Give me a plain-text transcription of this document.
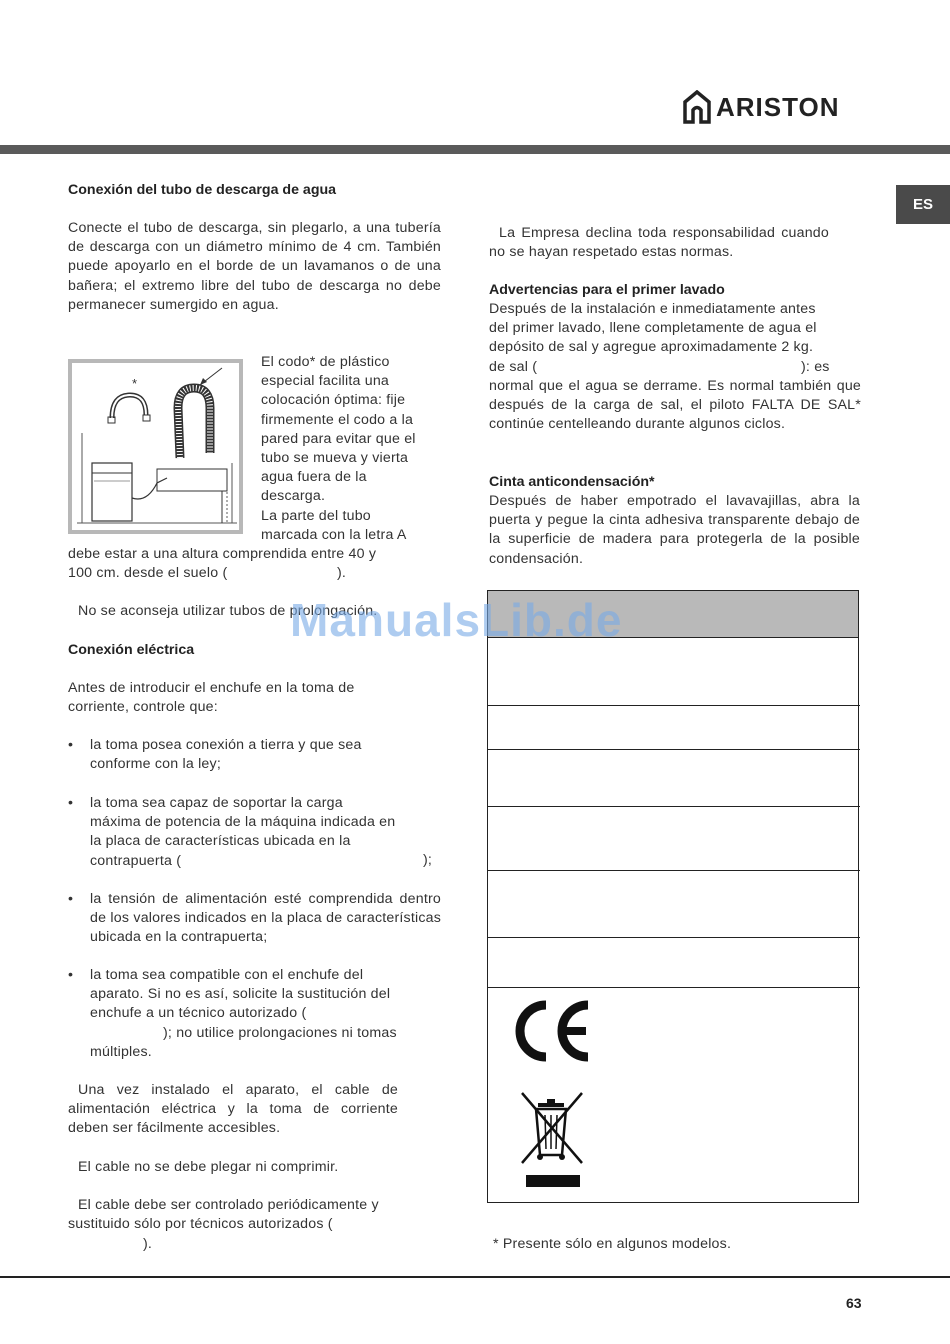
ARISTON
ES
Conexión del tubo de descarga de agua
Conecte el tubo de descarga, sin plegarlo, a una tubería de descarga con un diámetro mínimo de 4 cm. También puede apoyarlo en el borde de un lavamanos o de una bañera; el extremo libre del tubo de descarga no debe permanecer sumergido en agua.
*
El codo* de plástico
especial facilita una
colocación óptima: fije
firmemente el codo a la
pared para evitar que el
tubo se mueva y vierta
agua fuera de la
descarga.
La parte del tubo
marcada con la letra A
debe estar a una altura comprendida entre 40 y
100 cm. desde el suelo (	).
No se aconseja utilizar tubos de prolongación.
Conexión eléctrica
Antes de introducir el enchufe en la toma de corriente, controle que:
• la toma posea conexión a tierra y que sea conforme con la ley;
• la toma sea capaz de soportar la carga
máxima de potencia de la máquina indicada en
la placa de características ubicada en la
contrapuerta (	);
• la tensión de alimentación esté comprendida dentro de los valores indicados en la placa de características ubicada en la contrapuerta;
• la toma sea compatible con el enchufe del
aparato. Si no es así, solicite la sustitución del
enchufe a un técnico autorizado (
); no utilice prolongaciones ni tomas
múltiples.
Una vez instalado el aparato, el cable de alimentación eléctrica y la toma de corriente deben ser fácilmente accesibles.
El cable no se debe plegar ni comprimir.
El cable debe ser controlado periódicamente y
sustituido sólo por técnicos autorizados (
).
La Empresa declina toda responsabilidad cuando no se hayan respetado estas normas.
Advertencias para el primer lavado
Después de la instalación e inmediatamente antes
del primer lavado, llene completamente de agua el
depósito de sal y agregue aproximadamente 2 kg.
de sal (	): es
normal que el agua se derrame. Es normal también que después de la carga de sal, el piloto FALTA DE SAL* continúe centelleando durante algunos ciclos.
Cinta anticondensación*
Después de haber empotrado el lavavajillas, abra la puerta y pegue la cinta adhesiva transparente debajo de la superficie de madera para protegerla de la posible condensación.
* Presente sólo en algunos modelos.
ManualsLib.de
63
